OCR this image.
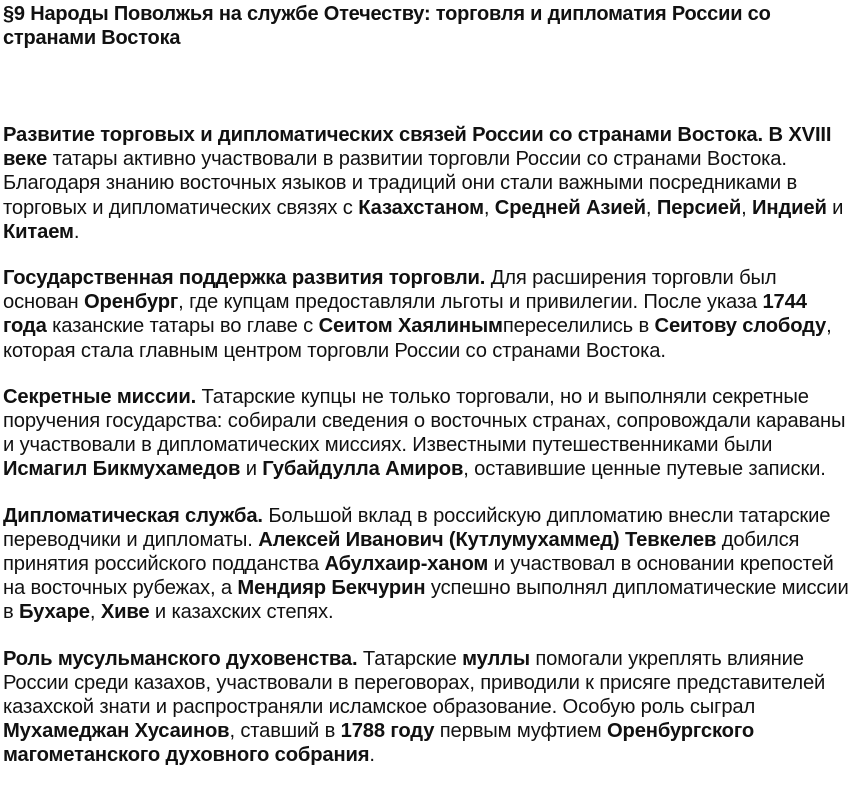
§9 Народы Поволжья на службе Отечеству: торговля и дипломатия России со странами Востока

Развитие торговых и дипломатических связей России со странами Востока. В XVIII веке татары активно участвовали в развитии торговли России со странами Востока. Благодаря знанию восточных языков и традиций они стали важными посредниками в торговых и дипломатических связях с Казахстаном, Средней Азией, Персией, Индией и Китаем.

Государственная поддержка развития торговли. Для расширения торговли был основан Оренбург, где купцам предоставляли льготы и привилегии. После указа 1744 года казанские татары во главе с Сеитом Хаялинымпереселились в Сеитову слободу, которая стала главным центром торговли России со странами Востока.

Секретные миссии. Татарские купцы не только торговали, но и выполняли секретные поручения государства: собирали сведения о восточных странах, сопровождали караваны и участвовали в дипломатических миссиях. Известными путешественниками были Исмагил Бикмухамедов и Губайдулла Амиров, оставившие ценные путевые записки.

Дипломатическая служба. Большой вклад в российскую дипломатию внесли татарские переводчики и дипломаты. Алексей Иванович (Кутлумухаммед) Тевкелев добился принятия российского подданства Абулхаир-ханом и участвовал в основании крепостей на восточных рубежах, а Мендияр Бекчурин успешно выполнял дипломатические миссии в Бухаре, Хиве и казахских степях.

Роль мусульманского духовенства. Татарские муллы помогали укреплять влияние России среди казахов, участвовали в переговорах, приводили к присяге представителей казахской знати и распространяли исламское образование. Особую роль сыграл Мухамеджан Хусаинов, ставший в 1788 году первым муфтием Оренбургского магометанского духовного собрания.
